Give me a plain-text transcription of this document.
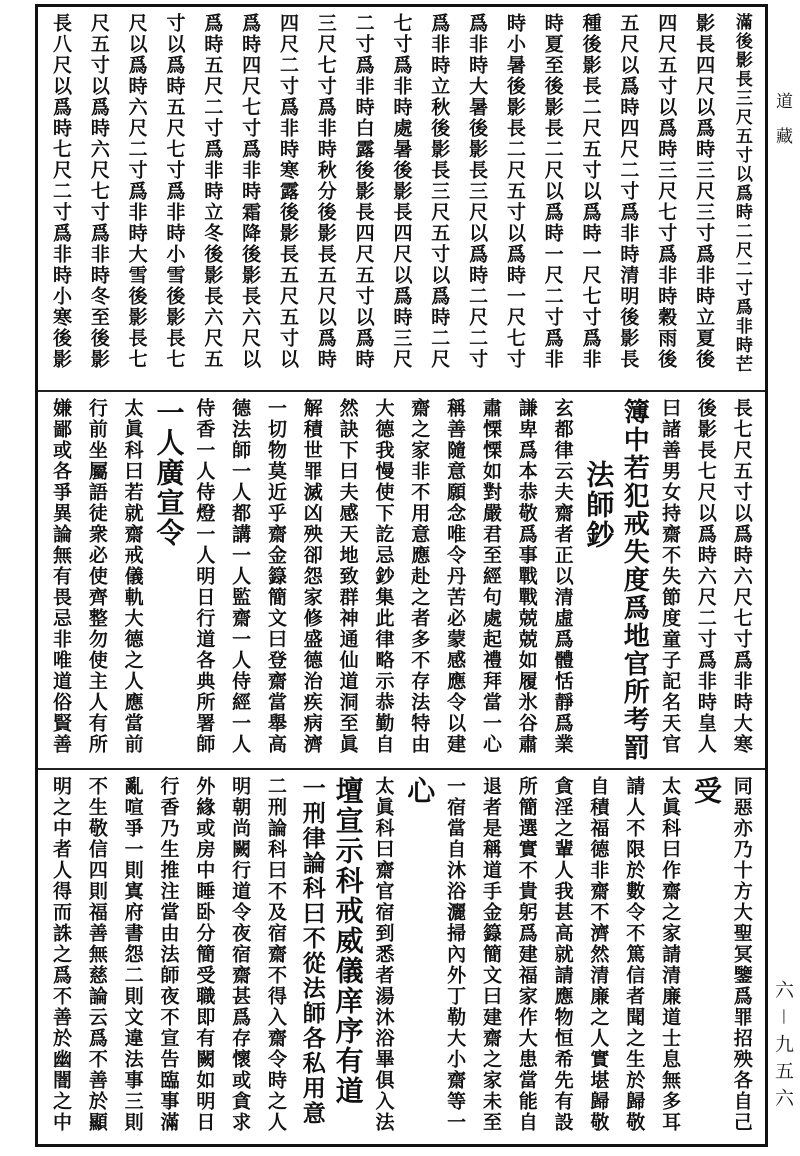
滿後影長三尺五寸以爲時二尺二寸爲非時芒
影長四尺以爲時三尺三寸爲非時立夏後
四尺五寸以爲時三尺七寸爲非時穀雨後
五尺以爲時四尺二寸爲非時清明後影長
種後影長二尺五寸以爲時一尺七寸爲非
時夏至後影長二尺以爲時一尺二寸爲非
時小暑後影長二尺五寸以爲時一尺七寸
爲非時大暑後影長三尺以爲時二尺二寸
爲非時立秋後影長三尺五寸以爲時二尺
七寸爲非時處暑後影長四尺以爲時三尺
二寸爲非時白露後影長四尺五寸以爲時
三尺七寸爲非時秋分後影長五尺以爲時
四尺二寸爲非時寒露後影長五尺五寸以
爲時四尺七寸爲非時霜降後影長六尺以
爲時五尺二寸爲非時立冬後影長六尺五
寸以爲時五尺七寸爲非時小雪後影長七
尺以爲時六尺二寸爲非時大雪後影長七
尺五寸以爲時六尺七寸爲非時冬至後影
長八尺以爲時七尺二寸爲非時小寒後影
長七尺五寸以爲時六尺七寸爲非時大寒
後影長七尺以爲時六尺二寸爲非時皇人
曰諸善男女持齋不失節度童子記名天官
簿中若犯戒失度爲地官所考罰
法師鈔
玄都律云夫齋者正以清虛爲體恬靜爲業
謙卑爲本恭敬爲事戰戰兢兢如履氷谷肅
肅慄慄如對嚴君至經句處起禮拜當一心
稱善隨意願念唯令丹苦必蒙感應令以建
齋之家非不用意應赴之者多不存法特由
大德我慢使下訖忌鈔集此律略示恭勤自
然訣下曰夫感天地致群神通仙道洞至眞
解積世罪滅凶殃卻怨家修盛德治疾病濟
一切物莫近乎齋金籙簡文曰登齋當舉高
德法師一人都講一人監齋一人侍經一人
侍香一人侍燈一人明日行道各典所署師
一人廣宣令
太眞科曰若就齋戒儀軌大德之人應當前
行前坐屬語徒衆必使齊整勿使主人有所
嫌鄙或各爭異論無有畏忌非唯道俗賢善
同惡亦乃十方大聖冥鑒爲罪招殃各自己
受
太眞科曰作齋之家請清廉道士息無多耳
請人不限於數令不篤信者聞之生於歸敬
自積福德非齋不濟然清廉之人實堪歸敬
貪淫之輩人我甚高就請應物恒希先有設
所簡選實不貴躬爲建福家作大患當能自
退者是稱道手金籙簡文曰建齋之家未至
一宿當自沐浴灑掃內外丁勒大小齋等一
心
太眞科曰齋官宿到悉者湯沐浴畢俱入法
壇宣示科戒威儀庠序有道
一刑律論科曰不從法師各私用意
二刑論科曰不及宿齋不得入齋令時之人
明朝尚闕行道令夜宿齋甚爲存懷或貪求
外緣或房中睡卧分簡受職即有闕如明日
行香乃生推注當由法師夜不宣告臨事滿
亂喧爭一則寘府書怨二則文違法事三則
不生敬信四則福善無慈論云爲不善於顯
明之中者人得而誅之爲不善於幽闇之中
道藏
六－九五六
